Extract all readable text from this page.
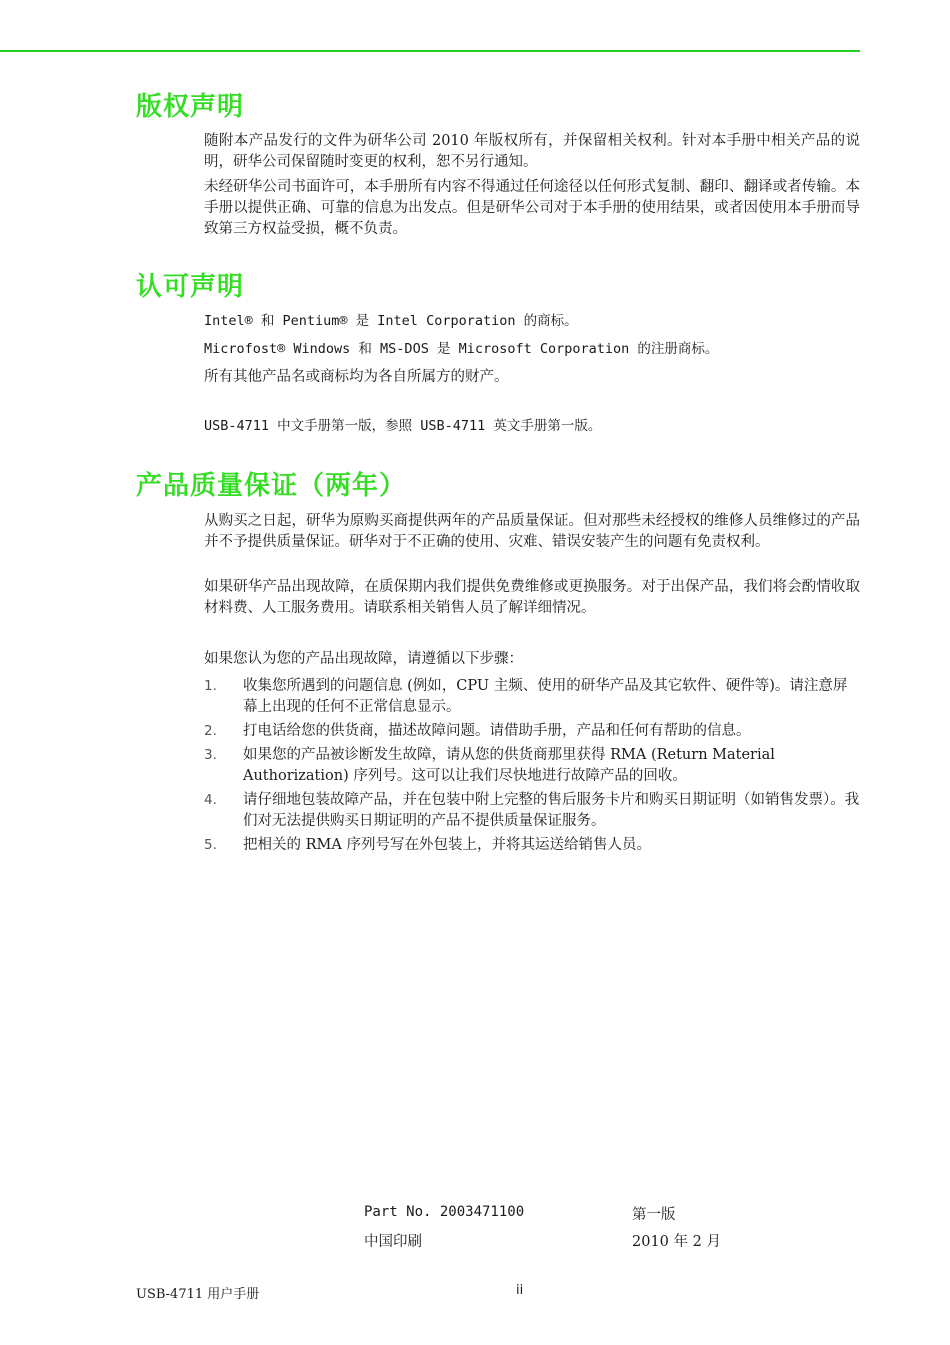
版权声明

随附本产品发行的文件为研华公司 2010 年版权所有，并保留相关权利。针对本手册中相关产品的说明，研华公司保留随时变更的权利，恕不另行通知。

未经研华公司书面许可，本手册所有内容不得通过任何途径以任何形式复制、翻印、翻译或者传输。本手册以提供正确、可靠的信息为出发点。但是研华公司对于本手册的使用结果，或者因使用本手册而导致第三方权益受损，概不负责。

认可声明

Intel® 和 Pentium® 是 Intel Corporation 的商标。

Microfost® Windows 和 MS-DOS 是 Microsoft Corporation 的注册商标。

所有其他产品名或商标均为各自所属方的财产。

USB-4711 中文手册第一版，参照 USB-4711 英文手册第一版。

产品质量保证（两年）

从购买之日起，研华为原购买商提供两年的产品质量保证。但对那些未经授权的维修人员维修过的产品并不予提供质量保证。研华对于不正确的使用、灾难、错误安装产生的问题有免责权利。

如果研华产品出现故障，在质保期内我们提供免费维修或更换服务。对于出保产品，我们将会酌情收取材料费、人工服务费用。请联系相关销售人员了解详细情况。

如果您认为您的产品出现故障，请遵循以下步骤：

1. 收集您所遇到的问题信息 (例如，CPU 主频、使用的研华产品及其它软件、硬件等)。请注意屏幕上出现的任何不正常信息显示。
2. 打电话给您的供货商，描述故障问题。请借助手册，产品和任何有帮助的信息。
3. 如果您的产品被诊断发生故障，请从您的供货商那里获得 RMA (Return Material Authorization) 序列号。这可以让我们尽快地进行故障产品的回收。
4. 请仔细地包装故障产品，并在包装中附上完整的售后服务卡片和购买日期证明（如销售发票）。我们对无法提供购买日期证明的产品不提供质量保证服务。
5. 把相关的 RMA 序列号写在外包装上，并将其运送给销售人员。
Part No. 2003471100	第一版
中国印刷	2010 年 2 月
USB-4711 用户手册	ii
